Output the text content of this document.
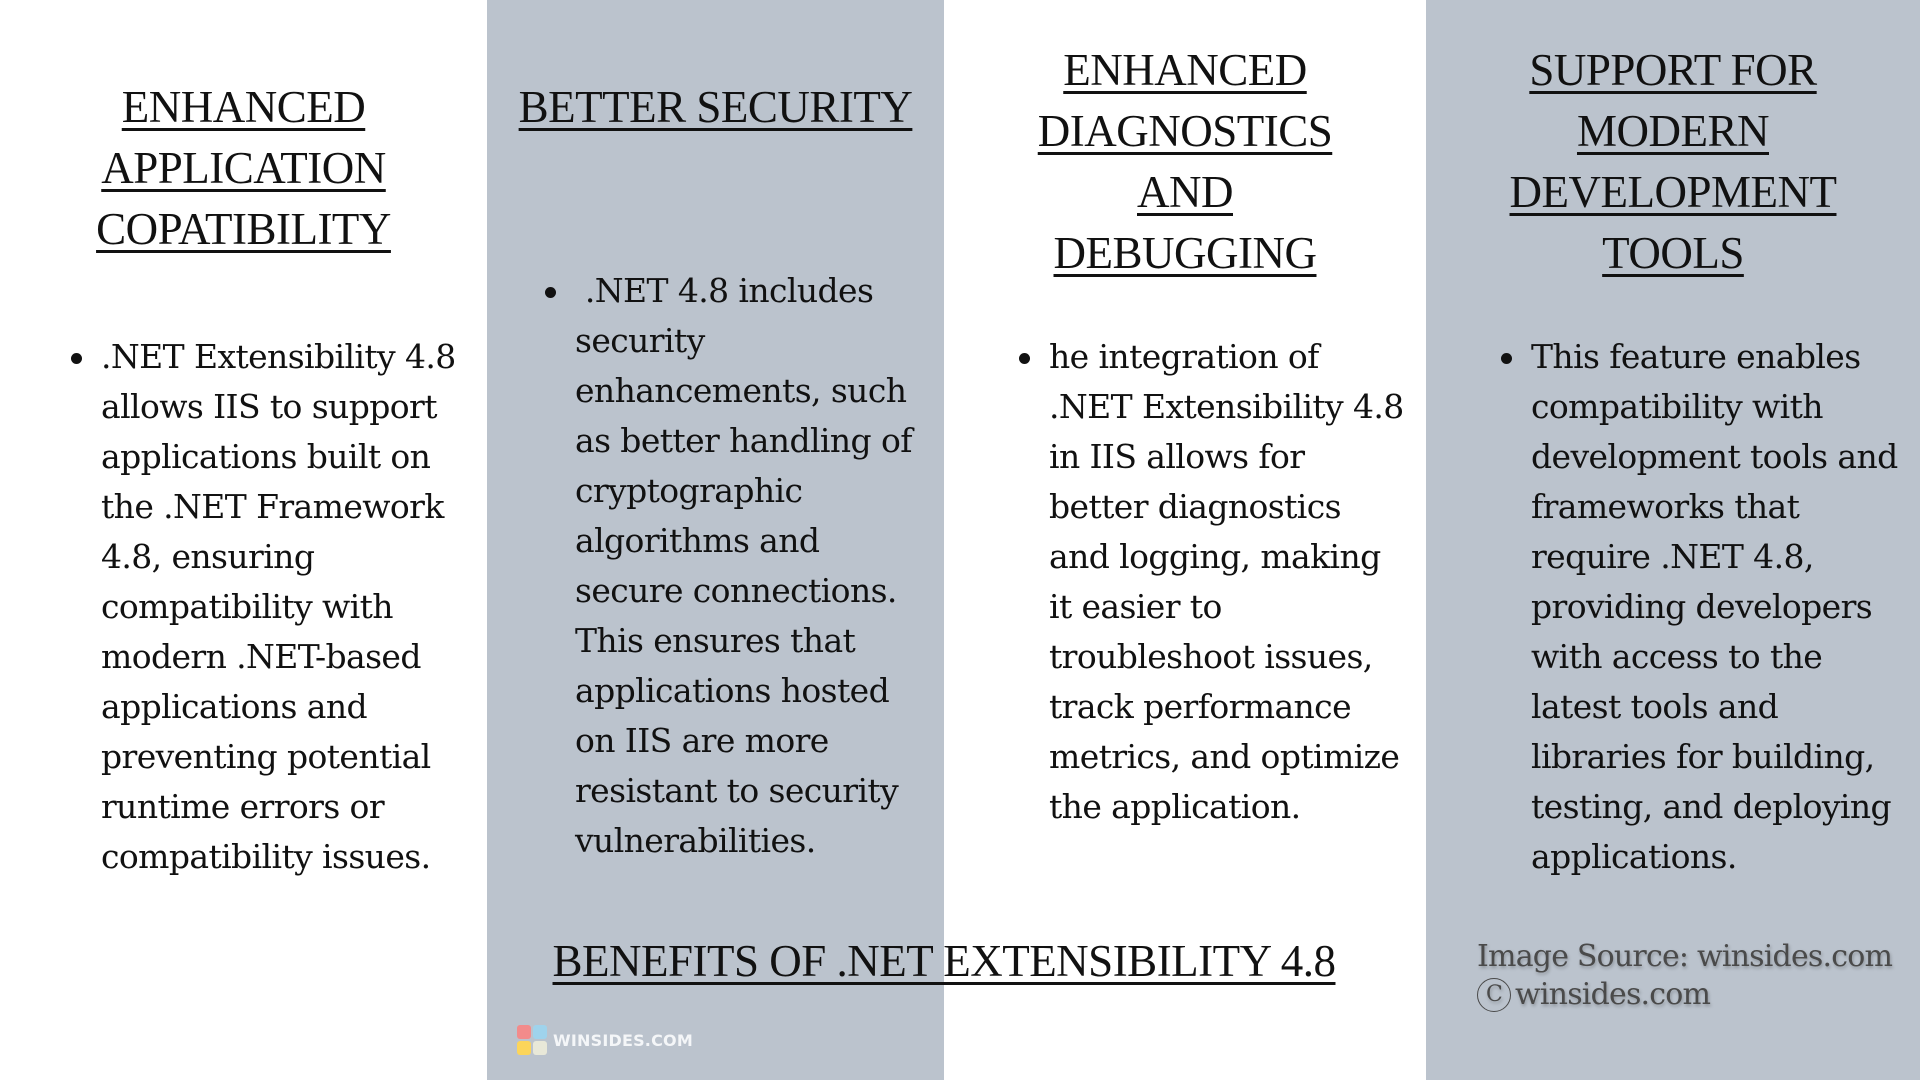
ENHANCED
APPLICATION
COPATIBILITY
.NET Extensibility 4.8 allows IIS to support applications built on the .NET Framework 4.8, ensuring compatibility with modern .NET-based applications and preventing potential runtime errors or compatibility issues.
BETTER SECURITY
.NET 4.8 includes security enhancements, such as better handling of cryptographic algorithms and secure connections. This ensures that applications hosted on IIS are more resistant to security vulnerabilities.
ENHANCED
DIAGNOSTICS
AND
DEBUGGING
he integration of .NET Extensibility 4.8 in IIS allows for better diagnostics and logging, making it easier to troubleshoot issues, track performance metrics, and optimize the application.
SUPPORT FOR
MODERN
DEVELOPMENT
TOOLS
This feature enables compatibility with development tools and frameworks that require .NET 4.8, providing developers with access to the latest tools and libraries for building, testing, and deploying applications.
BENEFITS OF .NET EXTENSIBILITY 4.8
WINSIDES.COM
Image Source: winsides.com
C winsides.com
